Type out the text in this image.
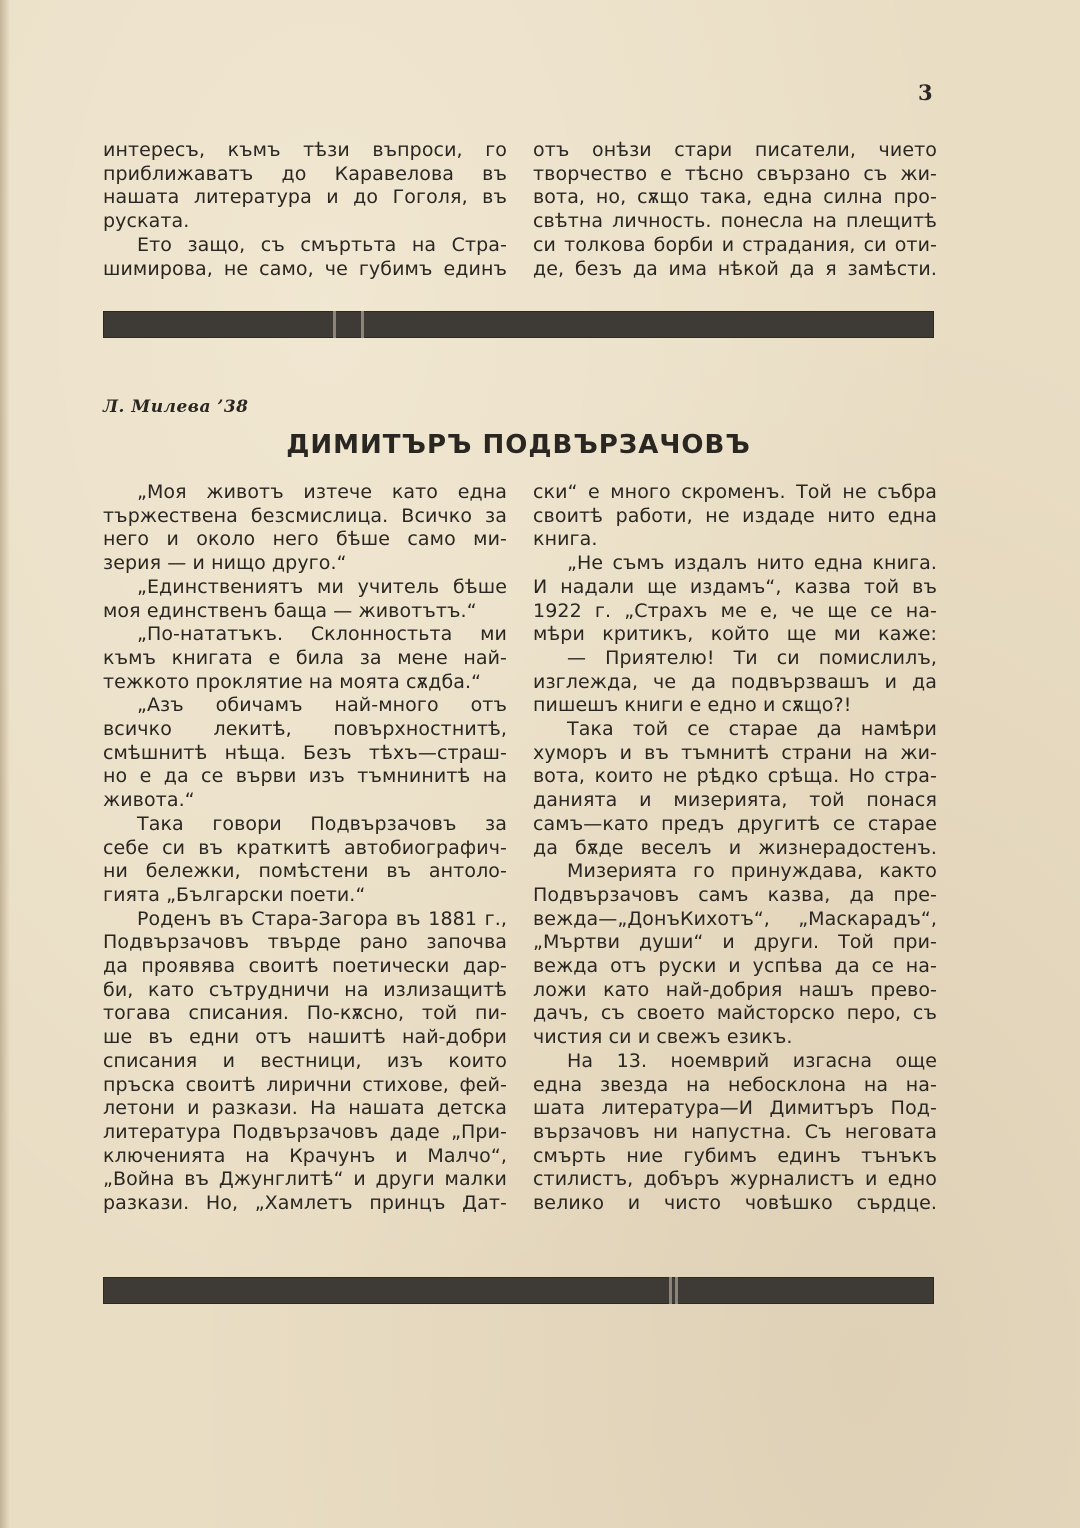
3
интересъ, къмъ тѣзи въпроси, го
приближаватъ до Каравелова въ
нашата литература и до Гоголя, въ
руската.
Ето защо, съ смъртьта на Стра-
шимирова, не само, че губимъ единъ
отъ онѣзи стари писатели, чието
творчество е тѣсно свързано съ жи-
вота, но, сѫщо така, една силна про-
свѣтна личность. понесла на плещитѣ
си толкова борби и страдания, си оти-
де, безъ да има нѣкой да я замѣсти.
Л. Милева ’38
ДИМИТЪРЪ ПОДВЪРЗАЧОВЪ
„Моя животъ изтече като една
тържествена безсмислица. Всичко за
него и около него бѣше само ми-
зерия — и нищо друго.“
„Единствениятъ ми учитель бѣше
моя единственъ баща — животътъ.“
„По-нататъкъ. Склонностьта ми
къмъ книгата е била за мене най-
тежкото проклятие на моята сѫдба.“
„Азъ обичамъ най-много отъ
всичко лекитѣ, повърхностнитѣ,
смѣшнитѣ нѣща. Безъ тѣхъ—страш-
но е да се върви изъ тъмнинитѣ на
живота.“
Така говори Подвързачовъ за
себе си въ краткитѣ автобиографич-
ни бележки, помѣстени въ антоло-
гията „Български поети.“
Роденъ въ Стара-Загора въ 1881 г.,
Подвързачовъ твърде рано започва
да проявява своитѣ поетически дар-
би, като сътрудничи на излизащитѣ
тогава списания. По-кѫсно, той пи-
ше въ едни отъ нашитѣ най-добри
списания и вестници, изъ които
пръска своитѣ лирични стихове, фей-
летони и разкази. На нашата детска
литература Подвързачовъ даде „При-
ключенията на Крачунъ и Малчо“,
„Война въ Джунглитѣ“ и други малки
разкази. Но, „Хамлетъ принцъ Дат-
ски“ е много скроменъ. Той не събра
своитѣ работи, не издаде нито една
книга.
„Не съмъ издалъ нито една книга.
И надали ще издамъ“, казва той въ
1922 г. „Страхъ ме е, че ще се на-
мѣри критикъ, който ще ми каже:
— Приятелю! Ти си помислилъ,
изглежда, че да подвързвашъ и да
пишешъ книги е едно и сѫщо?!
Така той се старае да намѣри
хуморъ и въ тъмнитѣ страни на жи-
вота, които не рѣдко срѣща. Но стра-
данията и мизерията, той понася
самъ—като предъ другитѣ се старае
да бѫде веселъ и жизнерадостенъ.
Мизерията го принуждава, както
Подвързачовъ самъ казва, да пре-
вежда—„ДонъКихотъ“, „Маскарадъ“,
„Мъртви души“ и други. Той при-
вежда отъ руски и успѣва да се на-
ложи като най-добрия нашъ прево-
дачъ, съ своето майсторско перо, съ
чистия си и свежъ езикъ.
На 13. ноемврий изгасна още
една звезда на небосклона на на-
шата литература—И Димитъръ Под-
вързачовъ ни напустна. Съ неговата
смърть ние губимъ единъ тънъкъ
стилистъ, добъръ журналистъ и едно
велико и чисто човѣшко сърдце.
